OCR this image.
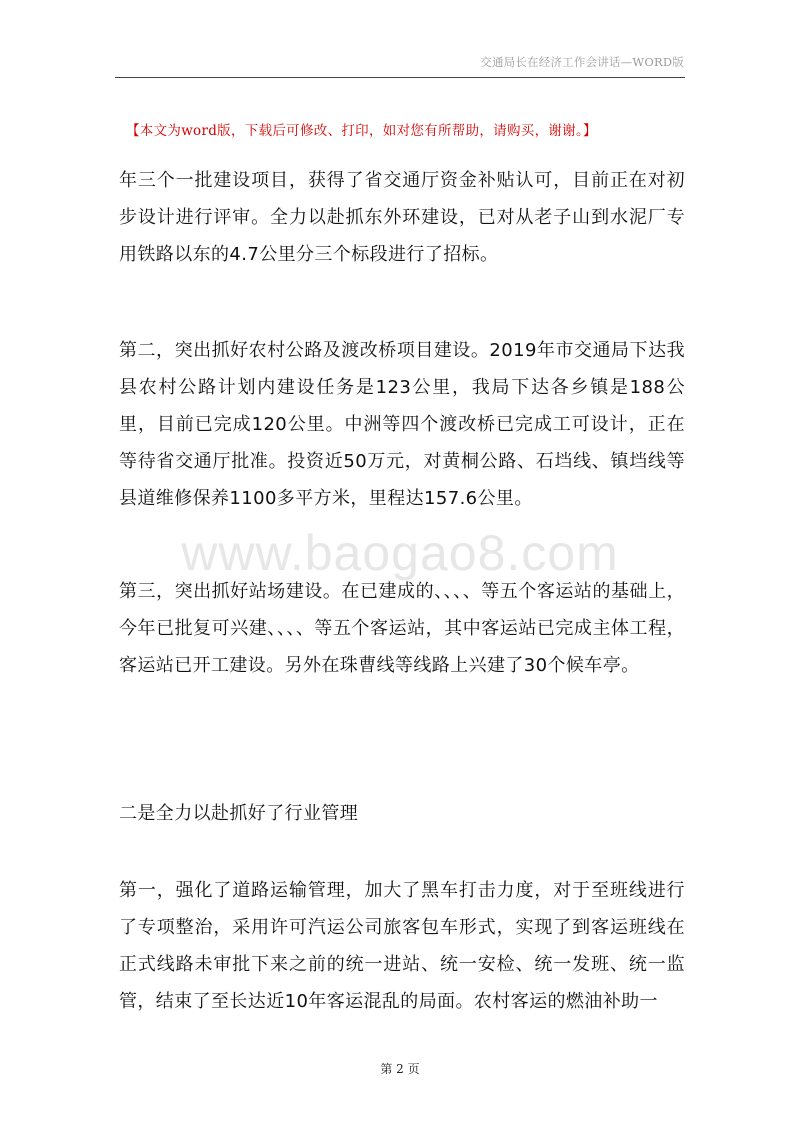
交通局长在经济工作会讲话—WORD版
【本文为word版，下载后可修改、打印，如对您有所帮助，请购买，谢谢。】
年三个一批建设项目，获得了省交通厅资金补贴认可，目前正在对初步设计进行评审。全力以赴抓东外环建设，已对从老子山到水泥厂专用铁路以东的4.7公里分三个标段进行了招标。
第二，突出抓好农村公路及渡改桥项目建设。2019年市交通局下达我县农村公路计划内建设任务是123公里，我局下达各乡镇是188公里，目前已完成120公里。中洲等四个渡改桥已完成工可设计，正在等待省交通厅批准。投资近50万元，对黄桐公路、石垱线、镇垱线等县道维修保养1100多平方米，里程达157.6公里。
第三，突出抓好站场建设。在已建成的、、、、等五个客运站的基础上，今年已批复可兴建、、、、等五个客运站，其中客运站已完成主体工程，客运站已开工建设。另外在珠曹线等线路上兴建了30个候车亭。
二是全力以赴抓好了行业管理
第一，强化了道路运输管理，加大了黑车打击力度，对于至班线进行了专项整治，采用许可汽运公司旅客包车形式，实现了到客运班线在正式线路未审批下来之前的统一进站、统一安检、统一发班、统一监管，结束了至长达近10年客运混乱的局面。农村客运的燃油补助一
www.baogao8.com
第 2 页
